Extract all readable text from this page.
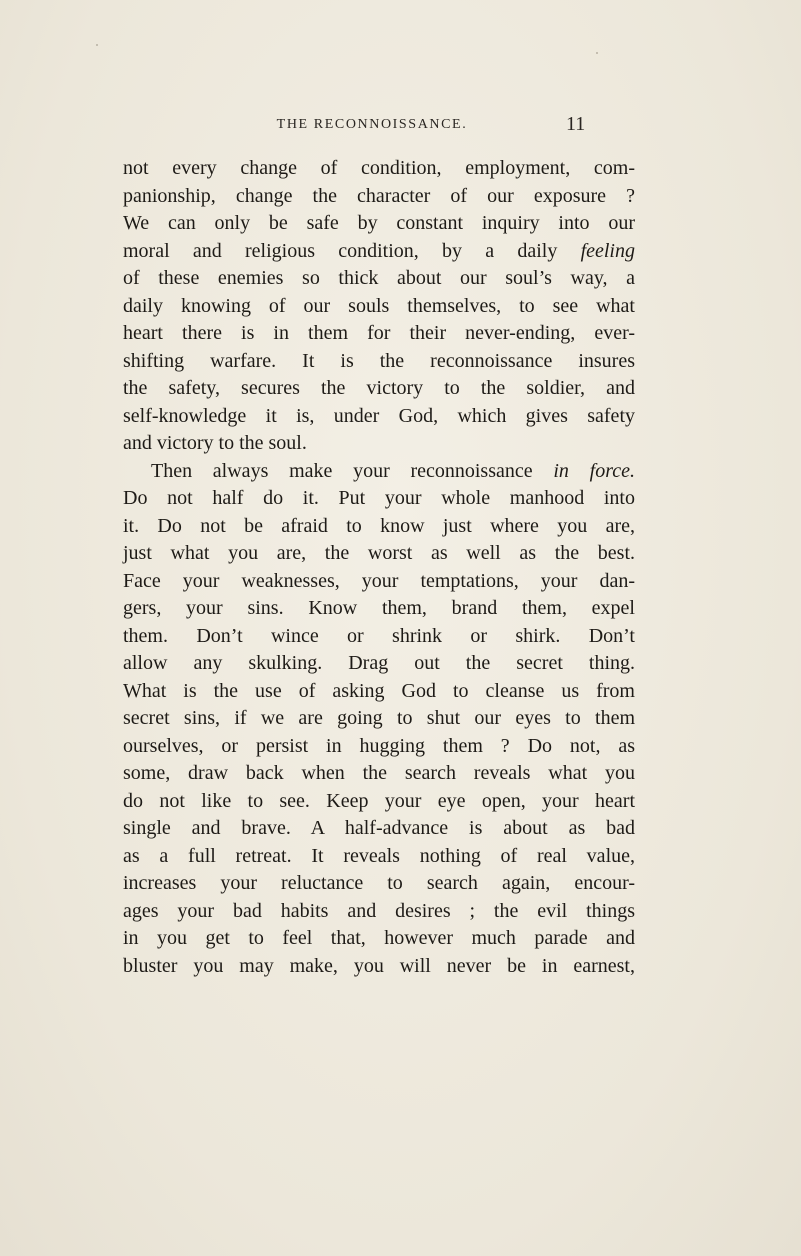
THE RECONNOISSANCE.	11
not every change of condition, employment, com-
panionship, change the character of our exposure ?
We can only be safe by constant inquiry into our
moral and religious condition, by a daily feeling
of these enemies so thick about our soul’s way, a
daily knowing of our souls themselves, to see what
heart there is in them for their never-ending, ever-
shifting warfare. It is the reconnoissance insures
the safety, secures the victory to the soldier, and
self-knowledge it is, under God, which gives safety
and victory to the soul.
Then always make your reconnoissance in force.
Do not half do it. Put your whole manhood into
it. Do not be afraid to know just where you are,
just what you are, the worst as well as the best.
Face your weaknesses, your temptations, your dan-
gers, your sins. Know them, brand them, expel
them. Don’t wince or shrink or shirk. Don’t
allow any skulking. Drag out the secret thing.
What is the use of asking God to cleanse us from
secret sins, if we are going to shut our eyes to them
ourselves, or persist in hugging them ? Do not, as
some, draw back when the search reveals what you
do not like to see. Keep your eye open, your heart
single and brave. A half-advance is about as bad
as a full retreat. It reveals nothing of real value,
increases your reluctance to search again, encour-
ages your bad habits and desires ; the evil things
in you get to feel that, however much parade and
bluster you may make, you will never be in earnest,
